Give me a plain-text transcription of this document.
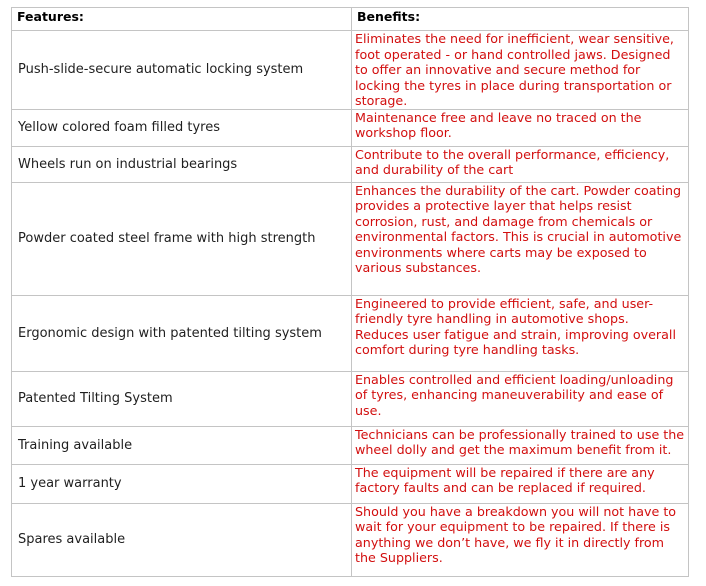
Features:	Benefits:
Push-slide-secure automatic locking system	Eliminates the need for inefficient, wear sensitive, foot operated - or hand controlled jaws. Designed to offer an innovative and secure method for locking the tyres in place during transportation or storage.
Yellow colored foam filled tyres	Maintenance free and leave no traced on the workshop floor.
Wheels run on industrial bearings	Contribute to the overall performance, efficiency, and durability of the cart
Powder coated steel frame with high strength	Enhances the durability of the cart. Powder coating provides a protective layer that helps resist corrosion, rust, and damage from chemicals or environmental factors. This is crucial in automotive environments where carts may be exposed to various substances.
Ergonomic design with patented tilting system	Engineered to provide efficient, safe, and user-friendly tyre handling in automotive shops. Reduces user fatigue and strain, improving overall comfort during tyre handling tasks.
Patented Tilting System	Enables controlled and efficient loading/unloading of tyres, enhancing maneuverability and ease of use.
Training available	Technicians can be professionally trained to use the wheel dolly and get the maximum benefit from it.
1 year warranty	The equipment will be repaired if there are any factory faults and can be replaced if required.
Spares available	Should you have a breakdown you will not have to wait for your equipment to be repaired. If there is anything we don’t have, we fly it in directly from the Suppliers.
